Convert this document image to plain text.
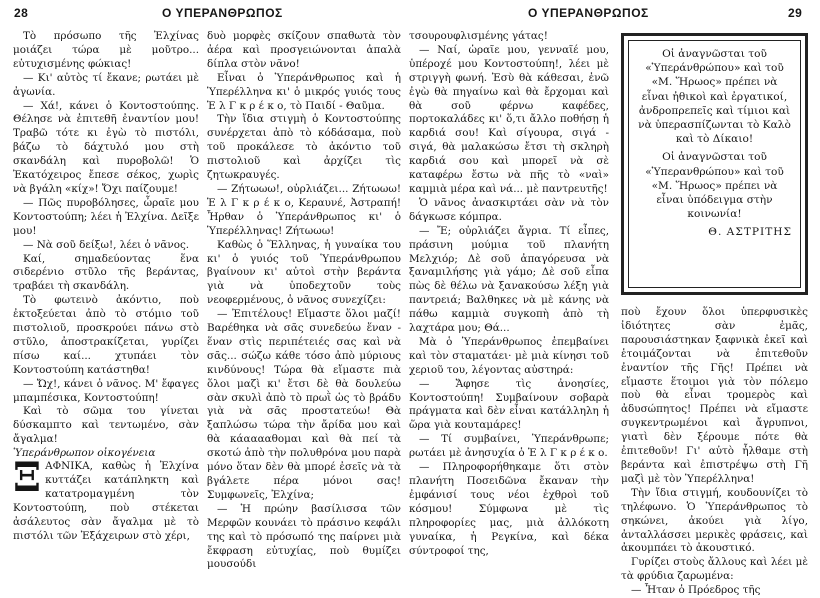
28	Ο ΥΠΕΡΑΝΘΡΩΠΟΣ	Ο ΥΠΕΡΑΝΘΡΩΠΟΣ	29

Τὸ πρόσωπο τῆς Ἐλχίνας μοιάζει τώρα μὲ μοῦτρο... εὐτυχισμένης φώκιας!

— Κι' αὐτὸς τί ἔκανε; ρωτάει μὲ ἀγωνία.

— Χά!, κάνει ὁ Κοντοστούπης. Θέλησε νὰ ἐπιτεθῆ ἐναντίον μου! Τραβῶ τότε κι ἐγὼ τὸ πιστόλι, βάζω τὸ δάχτυλό μου στὴ σκανδάλη καὶ πυροβολῶ! Ὁ Ἐκατόχειρος ἔπεσε σέκος, χωρὶς νὰ βγάλη «κίχ»! Ὄχι παίζουμε!

— Πῶς πυροβόλησες, ὦραῖε μου Κοντοστούπη; λέει ἡ Ἐλχίνα. Δεῖξε μου!

— Νὰ σοῦ δείξω!, λέει ὁ νᾶνος.

Καί, σημαδεύοντας ἕνα σιδερένιο στῦλο τῆς βεράντας, τραβάει τὴ σκανδάλη.

Τὸ φωτεινὸ ἀκόντιο, ποὺ ἐκτοξεύεται ἀπὸ τὸ στόμιο τοῦ πιστολιοῦ, προσκρούει πάνω στὸ στῦλο, ἀποστρακίζεται, γυρίζει πίσω καί... χτυπάει τὸν Κοντοστούπη κατάστηθα!

— Ὤχ!, κάνει ὁ νᾶνος. Μ' ἔφαγες μπαμπέσικα, Κοντοστούπη!

Καὶ τὸ σῶμα του γίνεται δύσκαμπτο καὶ τεντωμένο, σὰν ἄγαλμα!

Ὑπεράνθρωπον οἰκογένεια

ΞΑΦΝΙΚΑ, καθὼς ἡ Ἐλχίνα κυττάζει κατάπληκτη καὶ κατατρομαγμένη τὸν Κοντοστούπη, ποὺ στέκεται ἀσάλευτος σὰν ἄγαλμα μὲ τὸ πιστόλι τῶν Ἐξάχειρων στὸ χέρι,

δυὸ μορφὲς σκίζουν σπαθωτὰ τὸν ἀέρα καὶ προσγειώνονται ἀπαλὰ δίπλα στὸν νᾶνο!

Εἶναι ὁ Ὑπεράνθρωπος καὶ ἡ Ὑπερέλληνα κι' ὁ μικρός γυιός τους Ἑ λ Γ κ ρ έ κ ο, τὸ Παιδί - Θαῦμα.

Τὴν ἴδια στιγμὴ ὁ Κοντοστούπης συνέρχεται ἀπὸ τὸ κόδάσαμα, ποὺ τοῦ προκάλεσε τὸ ἀκόντιο τοῦ πιστολιοῦ καὶ ἀρχίζει τὶς ζητωκραυγές.

— Ζήτωωω!, οὐρλιάζει... Ζήτωωω! Ἑ λ Γ κ ρ έ κ ο, Κεραυνέ, Ἀστραπή! Ἦρθαν ὁ Ὑπεράνθρωπος κι' ὁ Ὑπερέλληνας! Ζήτωωω!

Καθὼς ὁ Ἕλληνας, ἡ γυναίκα του κι' ὁ γυιός τοῦ Ὑπεράνθρωπου βγαίνουν κι' αὐτοὶ στὴν βεράντα γιὰ νὰ ὑποδεχτοῦν τοὺς νεοφερμένους, ὁ νᾶνος συνεχίζει:

— Ἐπιτέλους! Εἴμαστε ὅλοι μαζί! Βαρέθηκα νὰ σᾶς συνεδεύω ἕναν - ἕναν στὶς περιπέτειές σας καὶ νὰ σᾶς... σώζω κάθε τόσο ἀπὸ μύριους κινδύνους! Τώρα θὰ εἴμαστε πιὰ ὅλοι μαζὶ κι' ἔτσι δὲ θὰ δουλεύω σὰν σκυλὶ ἀπὸ τὸ πρωῒ ὡς τὸ βράδυ γιὰ νὰ σᾶς προστατεύω! Θὰ ξαπλώσω τώρα τὴν ἄρίδα μου καὶ θὰ κάααααθομαι καὶ θὰ πεί τὰ σκοτώ ἀπὸ τὴν πολυθρόνα μου παρὰ μόνο ὅταν δὲν θὰ μπορέ ἐσεῖς νὰ τὰ βγάλετε πέρα μόνοι σας! Συμφωνεῖς, Ἐλχίνα;

— Ἡ πρώην βασίλισσα τῶν Μερφῶν κουνάει τὸ πράσινο κεφάλι της καὶ τὸ πρόσωπό της παίρνει μιὰ ἔκφραση εὐτυχίας, ποὺ θυμίζει μουσούδι

τσουρουφλισμένης γάτας!

— Ναί, ὡραῖε μου, γενναῖέ μου, ὑπέροχέ μου Κοντοστούπη!, λέει μὲ στριγγὴ φωνή. Ἐσὺ θὰ κάθεσαι, ἐνῶ ἐγὼ θὰ πηγαίνω καὶ θὰ ἔρχομαι καὶ θὰ σοῦ φέρνω καφέδες, πορτοκαλάδες κι' ὅ,τι ἄλλο ποθήσῃ ἡ καρδιά σου! Καὶ σίγουρα, σιγά - σιγά, θὰ μαλακώσω ἔτσι τὴ σκληρὴ καρδιά σου καὶ μπορεῖ νὰ σὲ καταφέρω ἔστω νὰ πῆς τὸ «ναὶ» καμμιὰ μέρα καὶ νά... μὲ παντρευτῆς!

Ὁ νᾶνος ἀνασκιρτάει σὰν νὰ τὸν δάγκωσε κόμπρα.

— Ἔ; οὐρλιάζει ἄγρια. Τί εἶπες, πράσινη μούμια τοῦ πλανήτη Μελχιόρ; Δὲ σοῦ ἀπαγόρευσα νὰ ξαναμιλήσης γιὰ γάμο; Δὲ σοῦ εἶπα πὼς δὲ θέλω νὰ ξανακούσω λέξη γιὰ παντρειά; Βαλθηκες νὰ μὲ κάνης νὰ πάθω καμμιὰ συγκοπὴ ἀπὸ τὴ λαχτάρα μου; Θά...

Μὰ ὁ Ὑπεράνθρωπος ἐπεμβαίνει καὶ τὸν σταματάει· μὲ μιὰ κίνησι τοῦ χεριοῦ του, λέγοντας αὐστηρά:

— Ἄφησε τὶς ἀνοησίες, Κοντοστούπη! Συμβαίνουν σοβαρὰ πράγματα καὶ δὲν εἶναι κατάλληλη ἡ ὥρα γιὰ κουταμάρες!

— Τί συμβαίνει, Ὑπεράνθρωπε; ρωτάει μὲ ἀνησυχία ὁ Ἑ λ Γ κ ρ έ κ ο.

— Πληροφορήθηκαμε ὅτι στὸν πλανήτη Ποσειδῶνα ἔκαναν τὴν ἐμφάνισί τους νέοι ἐχθροὶ τοῦ κόσμου! Σύμφωνα μὲ τὶς πληροφορίες μας, μιὰ ἀλλόκοτη γυναίκα, ἡ Ρεγκίνα, καὶ δέκα σύντροφοί της,

Οἱ ἀναγνῶσται τοῦ «Ὑπεράνθρώπου» καὶ τοῦ «Μ. Ἥρωος» πρέπει νὰ εἶναι ἠθικοὶ καὶ ἐργατικοί, ἀνδροπρεπεῖς καὶ τίμιοι καὶ νὰ ὑπερασπίζωνται τὸ Καλὸ καὶ τὸ Δίκαιο!

Οἱ ἀναγνῶσται τοῦ «Ὑπερανθρώπου» καὶ τοῦ «Μ. Ἥρωος» πρέπει νὰ εἶναι ὑπόδειγμα στὴν κοινωνία!

Θ. ΑΣΤΡΙΤΗΣ

ποὺ ἔχουν ὅλοι ὑπερφυσικὲς ἰδιότητες σὰν ἐμᾶς, παρουσιάστηκαν ξαφνικὰ ἐκεῖ καὶ ἑτοιμάζονται νὰ ἐπιτεθοῦν ἐναντίον τῆς Γῆς! Πρέπει νὰ εἴμαστε ἕτοιμοι γιὰ τὸν πόλεμο ποὺ θὰ εἶναι τρομερὸς καὶ ἀδυσώπητος! Πρέπει νὰ εἴμαστε συγκεντρωμένοι καὶ ἄγρυπνοι, γιατὶ δὲν ξέρουμε πότε θὰ ἐπιτεθοῦν! Γι' αὐτὸ ἦλθαμε στὴ βεράντα καὶ ἐπιστρέψω στὴ Γῆ μαζὶ μὲ τὸν Ὑπερέλληνα!

Τὴν ἴδια στιγμή, κουδουνίζει τὸ τηλέφωνο. Ὁ Ὑπεράνθρωπος τὸ σηκώνει, ἀκούει γιὰ λίγο, ἀνταλλάσσει μερικὲς φράσεις, καὶ ἀκουμπάει τὸ ἀκουστικό.

Γυρίζει στοὺς ἄλλους καὶ λέει μὲ τὰ φρύδια ζαρωμένα:

— Ἦταν ὁ Πρόεδρος τῆς
